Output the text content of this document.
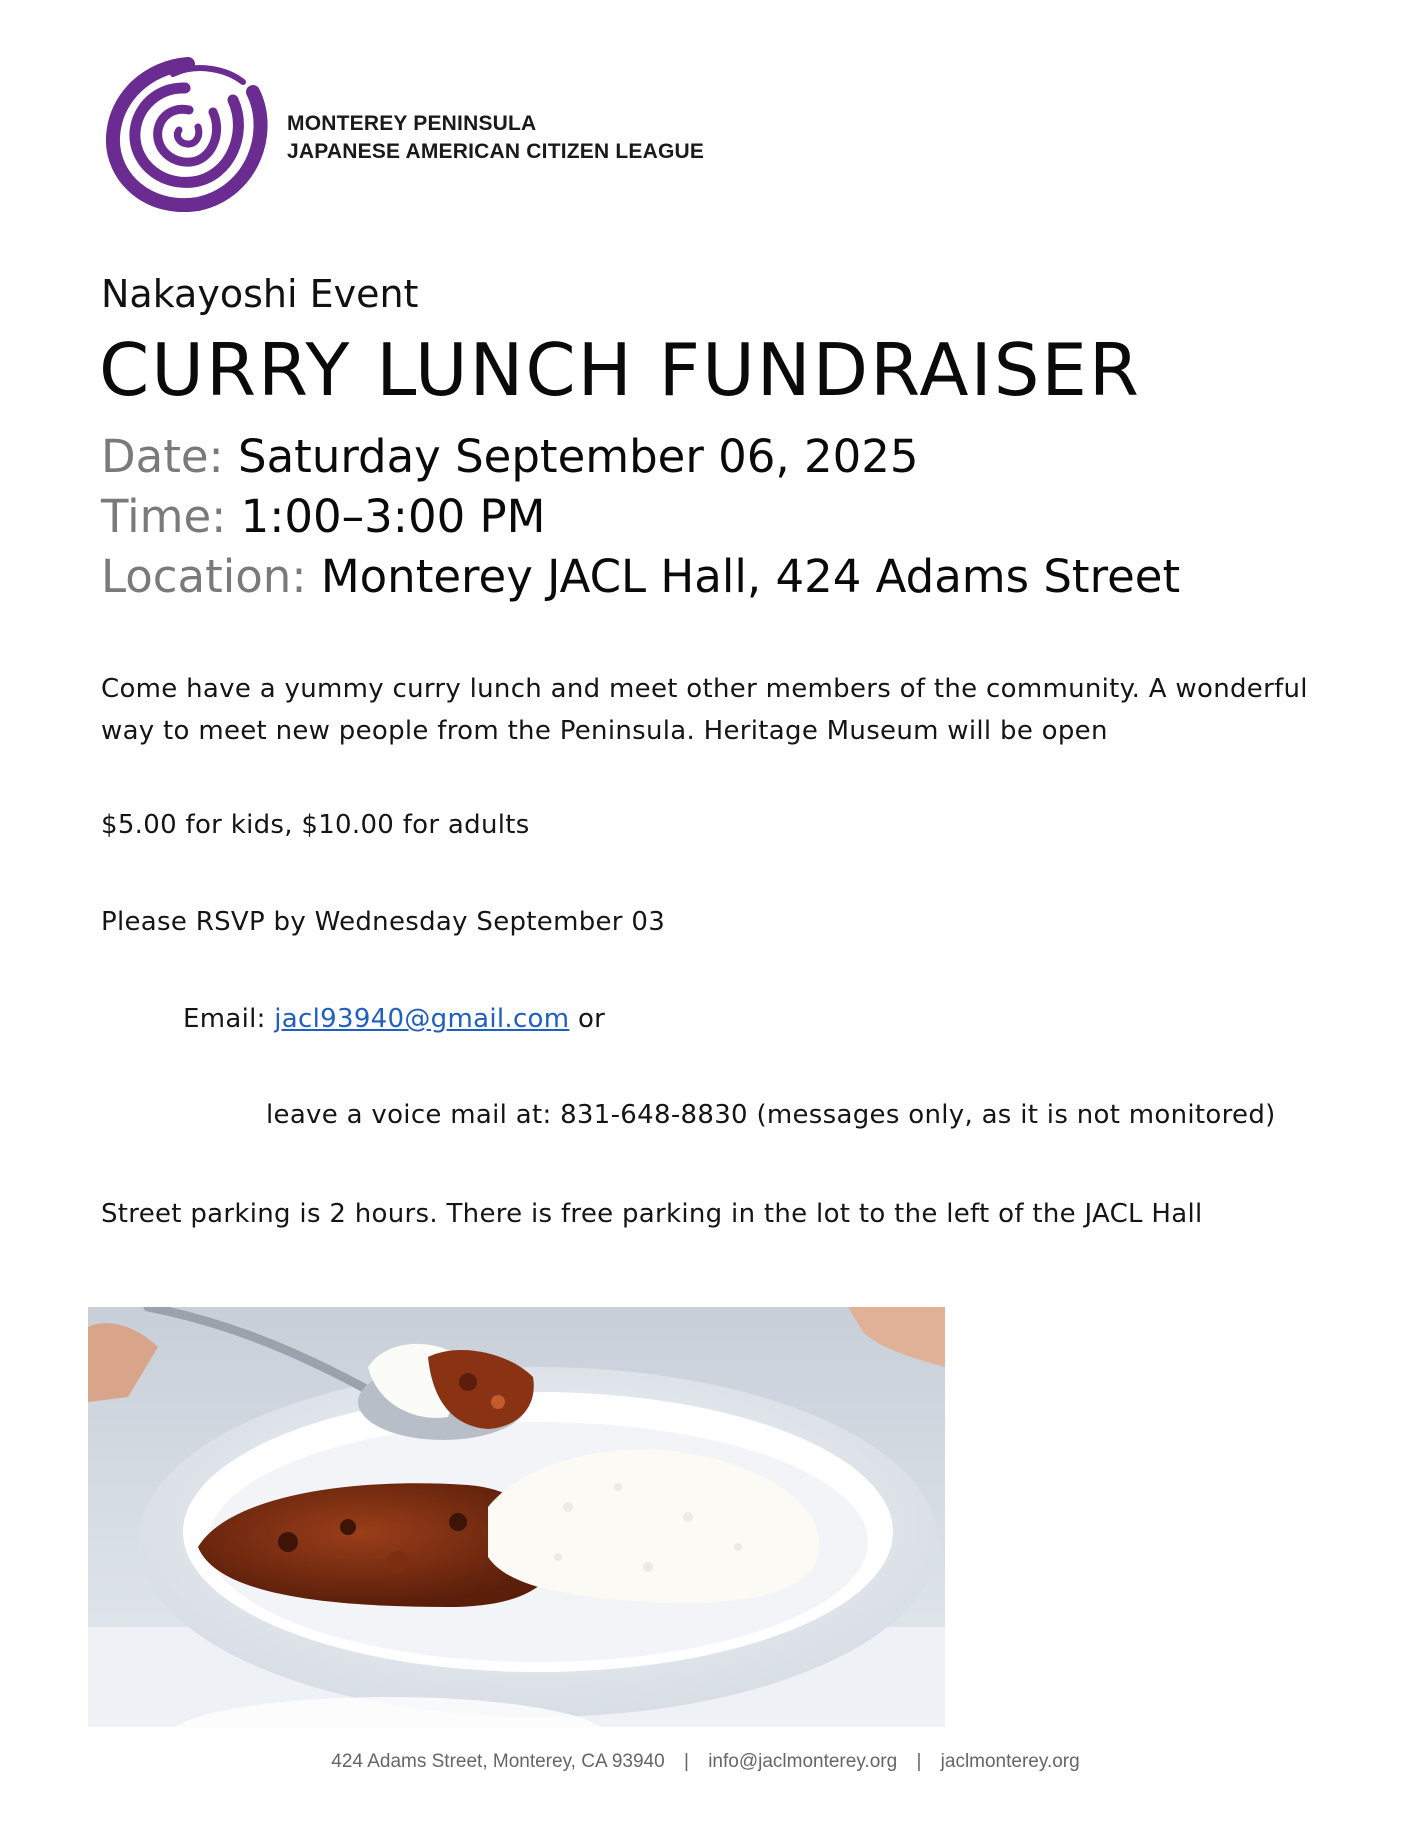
MONTEREY PENINSULA
JAPANESE AMERICAN CITIZEN LEAGUE
Nakayoshi Event
CURRY LUNCH FUNDRAISER
Date: Saturday September 06, 2025
Time: 1:00–3:00 PM
Location: Monterey JACL Hall, 424 Adams Street
Come have a yummy curry lunch and meet other members of the community. A wonderful
way to meet new people from the Peninsula. Heritage Museum will be open
$5.00 for kids, $10.00 for adults
Please RSVP by Wednesday September 03
Email: jacl93940@gmail.com or
leave a voice mail at: 831-648-8830 (messages only, as it is not monitored)
Street parking is 2 hours. There is free parking in the lot to the left of the JACL Hall
424 Adams Street, Monterey, CA 93940 | info@jaclmonterey.org | jaclmonterey.org
